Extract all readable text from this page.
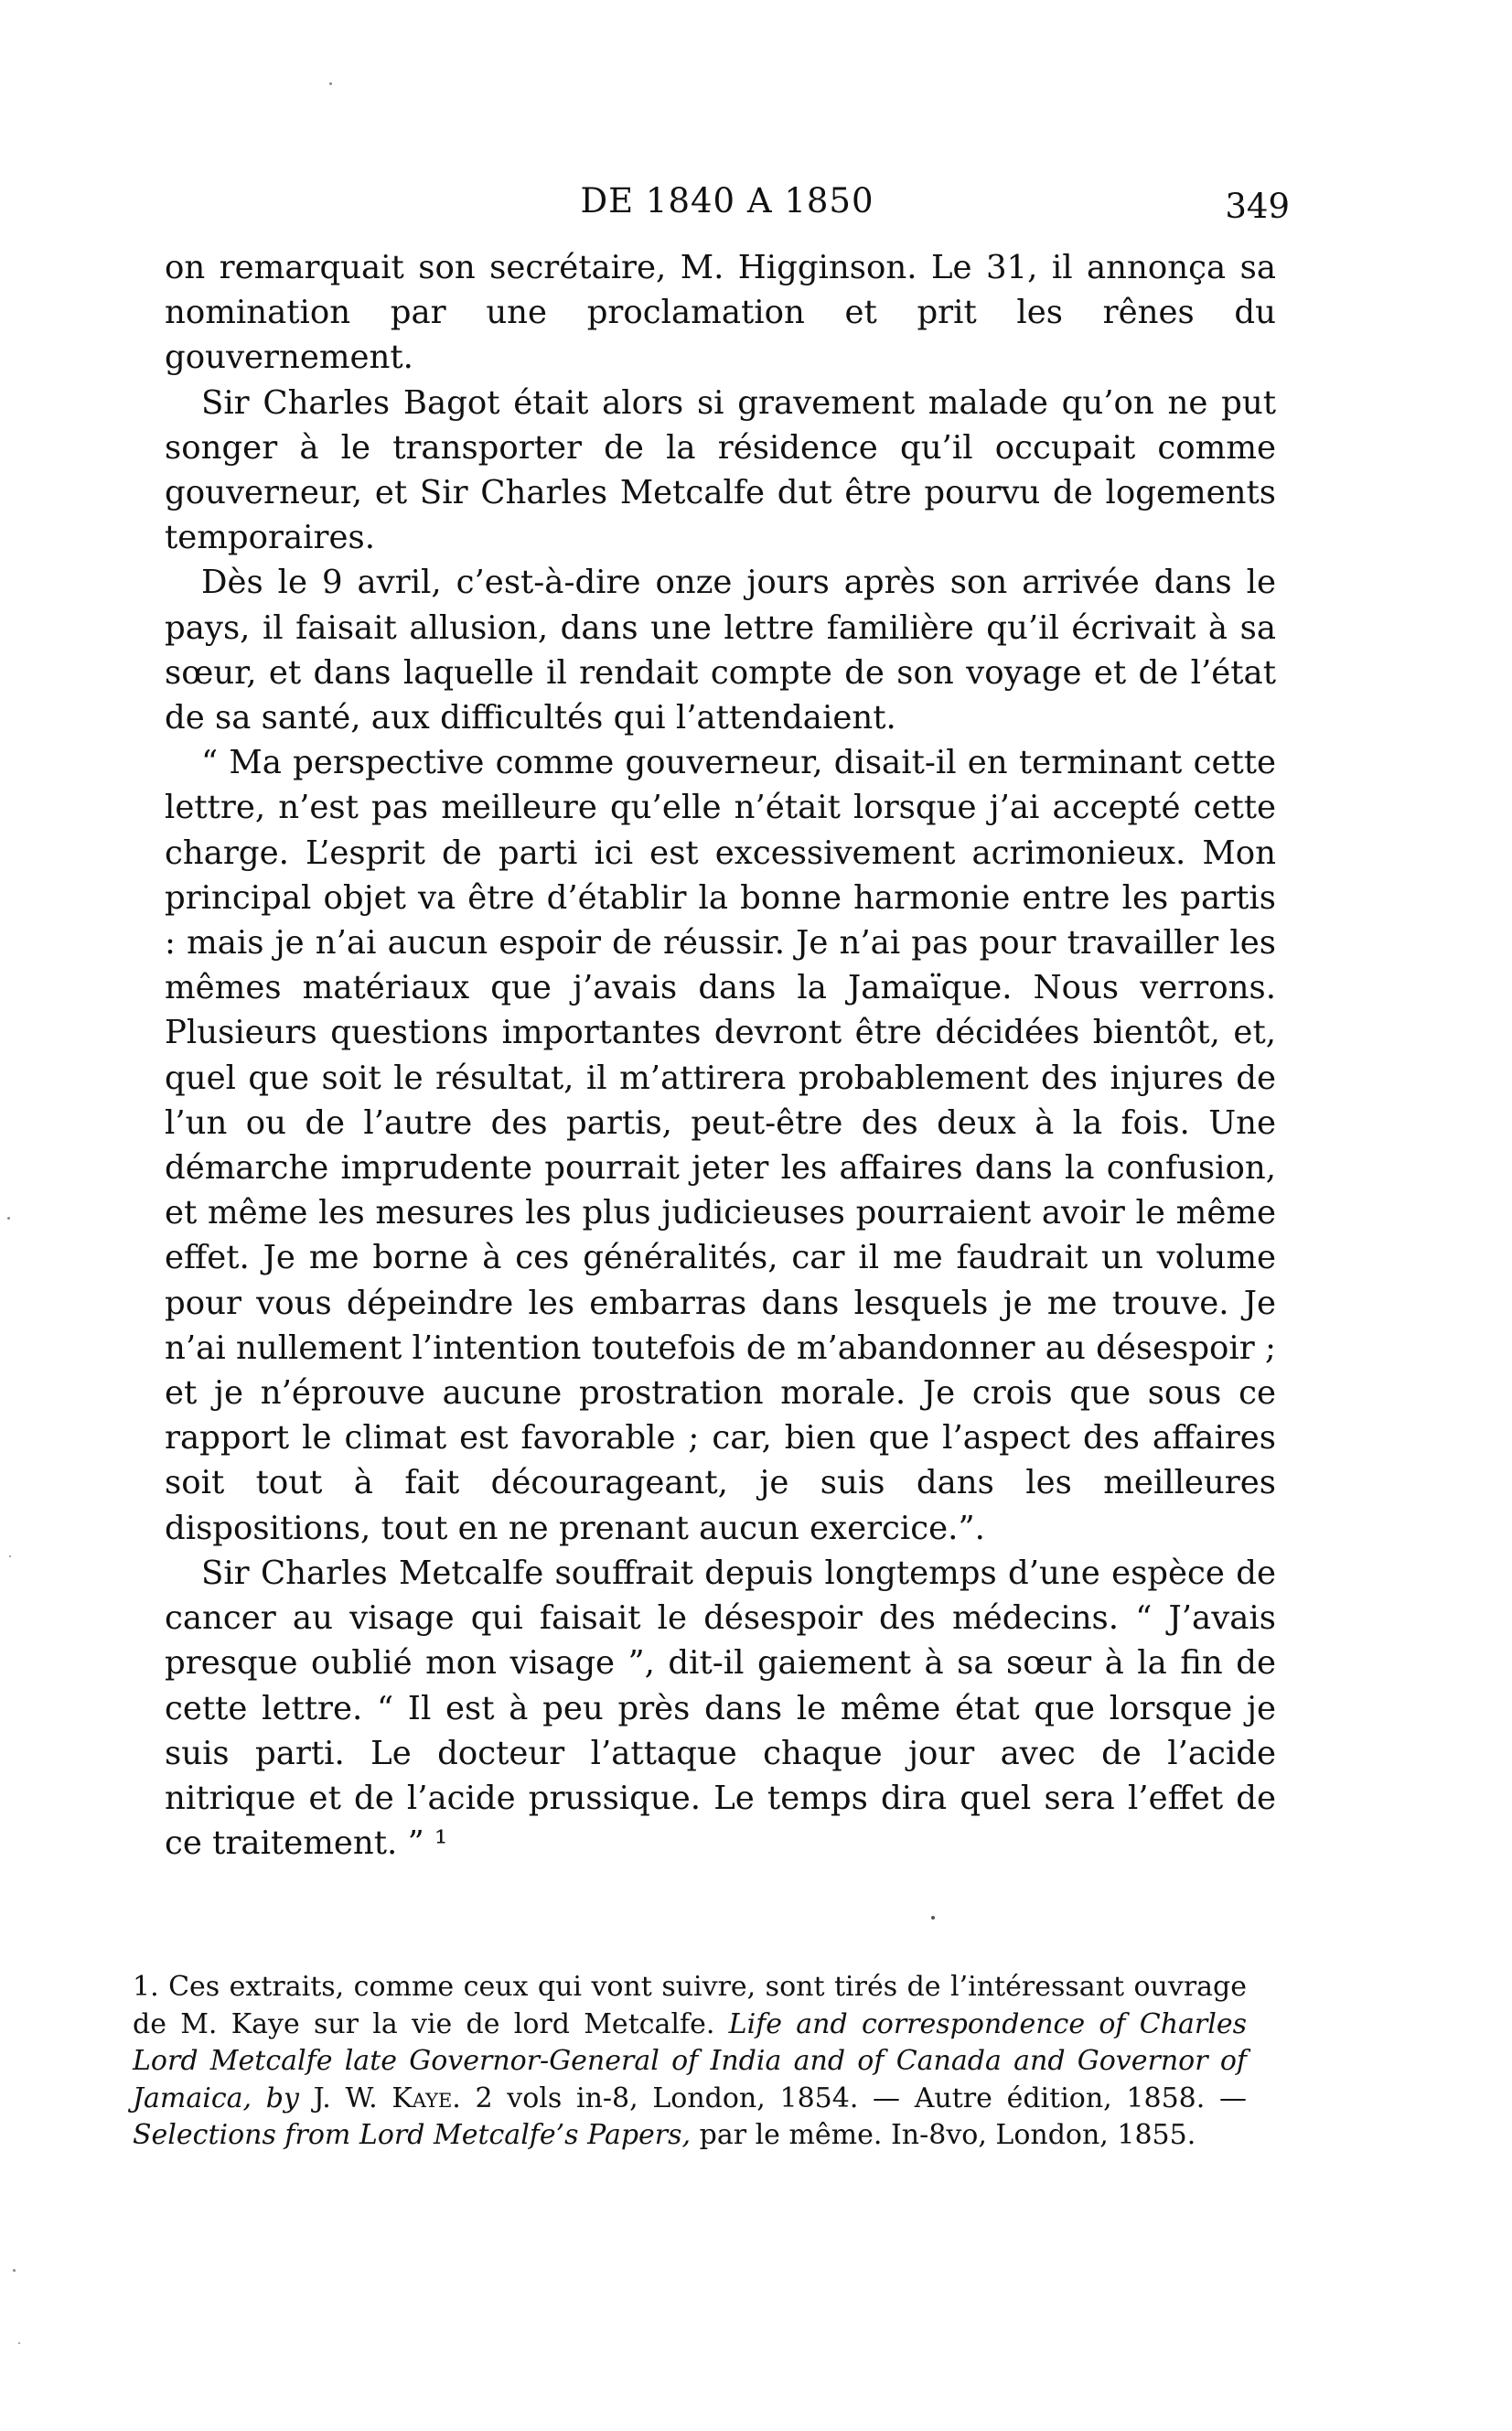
DE 1840 A 1850	349

on remarquait son secrétaire, M. Higginson. Le 31, il annonça sa nomination par une proclamation et prit les rênes du gouvernement.

Sir Charles Bagot était alors si gravement malade qu’on ne put songer à le transporter de la résidence qu’il occupait comme gouverneur, et Sir Charles Metcalfe dut être pourvu de logements temporaires.

Dès le 9 avril, c’est-à-dire onze jours après son arrivée dans le pays, il faisait allusion, dans une lettre familière qu’il écrivait à sa sœur, et dans laquelle il rendait compte de son voyage et de l’état de sa santé, aux difficultés qui l’attendaient.

“ Ma perspective comme gouverneur, disait-il en terminant cette lettre, n’est pas meilleure qu’elle n’était lorsque j’ai accepté cette charge. L’esprit de parti ici est excessivement acrimonieux. Mon principal objet va être d’établir la bonne harmonie entre les partis : mais je n’ai aucun espoir de réussir. Je n’ai pas pour travailler les mêmes matériaux que j’avais dans la Jamaïque. Nous verrons. Plusieurs questions importantes devront être décidées bientôt, et, quel que soit le résultat, il m’attirera probablement des injures de l’un ou de l’autre des partis, peut-être des deux à la fois. Une démarche imprudente pourrait jeter les affaires dans la confusion, et même les mesures les plus judicieuses pourraient avoir le même effet. Je me borne à ces généralités, car il me faudrait un volume pour vous dépeindre les embarras dans lesquels je me trouve. Je n’ai nullement l’intention toutefois de m’abandonner au désespoir ; et je n’éprouve aucune prostration morale. Je crois que sous ce rapport le climat est favorable ; car, bien que l’aspect des affaires soit tout à fait décourageant, je suis dans les meilleures dispositions, tout en ne prenant aucun exercice.”.

Sir Charles Metcalfe souffrait depuis longtemps d’une espèce de cancer au visage qui faisait le désespoir des médecins. “ J’avais presque oublié mon visage ”, dit-il gaiement à sa sœur à la fin de cette lettre. “ Il est à peu près dans le même état que lorsque je suis parti. Le docteur l’attaque chaque jour avec de l’acide nitrique et de l’acide prussique. Le temps dira quel sera l’effet de ce traitement. ” ¹

1. Ces extraits, comme ceux qui vont suivre, sont tirés de l’intéressant ouvrage de M. Kaye sur la vie de lord Metcalfe. Life and correspondence of Charles Lord Metcalfe late Governor-General of India and of Canada and Governor of Jamaica, by J. W. Kaye. 2 vols in-8, London, 1854. — Autre édition, 1858. — Selections from Lord Metcalfe’s Papers, par le même. In-8vo, London, 1855.
